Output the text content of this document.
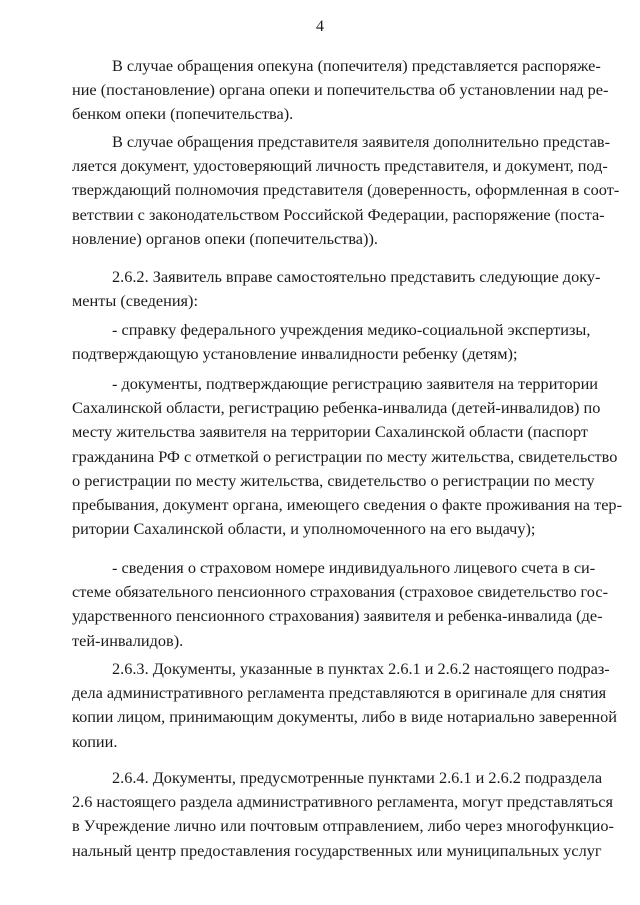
4
В случае обращения опекуна (попечителя) представляется распоряже-
ние (постановление) органа опеки и попечительства об установлении над ре-
бенком опеки (попечительства).
В случае обращения представителя заявителя дополнительно представ-
ляется документ, удостоверяющий личность представителя, и документ, под-
тверждающий полномочия представителя (доверенность, оформленная в соот-
ветствии с законодательством Российской Федерации, распоряжение (поста-
новление) органов опеки (попечительства)).
2.6.2. Заявитель вправе самостоятельно представить следующие доку-
менты (сведения):
- справку федерального учреждения медико-социальной экспертизы,
подтверждающую установление инвалидности ребенку (детям);
- документы, подтверждающие регистрацию заявителя на территории
Сахалинской области, регистрацию ребенка-инвалида (детей-инвалидов) по
месту жительства заявителя на территории Сахалинской области (паспорт
гражданина РФ с отметкой о регистрации по месту жительства, свидетельство
о регистрации по месту жительства, свидетельство о регистрации по месту
пребывания, документ органа, имеющего сведения о факте проживания на тер-
ритории Сахалинской области, и уполномоченного на его выдачу);
- сведения о страховом номере индивидуального лицевого счета в си-
стеме обязательного пенсионного страхования (страховое свидетельство гос-
ударственного пенсионного страхования) заявителя и ребенка-инвалида (де-
тей-инвалидов).
2.6.3. Документы, указанные в пунктах 2.6.1 и 2.6.2 настоящего подраз-
дела административного регламента представляются в оригинале для снятия
копии лицом, принимающим документы, либо в виде нотариально заверенной
копии.
2.6.4. Документы, предусмотренные пунктами 2.6.1 и 2.6.2 подраздела
2.6 настоящего раздела административного регламента, могут представляться
в Учреждение лично или почтовым отправлением, либо через многофункцио-
нальный центр предоставления государственных или муниципальных услуг
